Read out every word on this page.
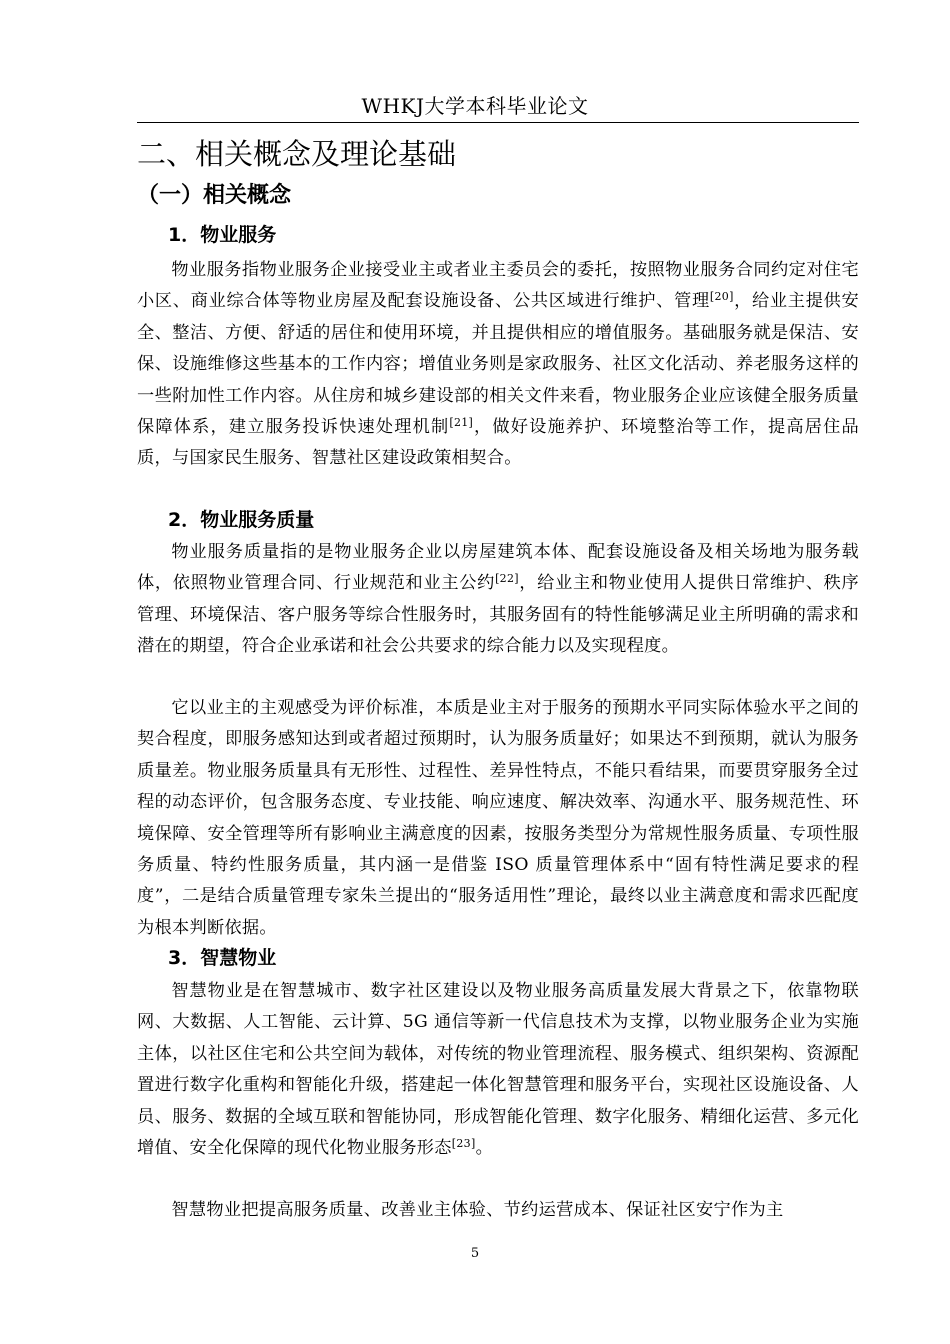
WHKJ大学本科毕业论文
二、相关概念及理论基础
（一）相关概念
1．物业服务

物业服务指物业服务企业接受业主或者业主委员会的委托，按照物业服务合同约定对住宅小区、商业综合体等物业房屋及配套设施设备、公共区域进行维护、管理[20]，给业主提供安全、整洁、方便、舒适的居住和使用环境，并且提供相应的增值服务。基础服务就是保洁、安保、设施维修这些基本的工作内容；增值业务则是家政服务、社区文化活动、养老服务这样的一些附加性工作内容。从住房和城乡建设部的相关文件来看，物业服务企业应该健全服务质量保障体系，建立服务投诉快速处理机制[21]，做好设施养护、环境整治等工作，提高居住品质，与国家民生服务、智慧社区建设政策相契合。

2．物业服务质量

物业服务质量指的是物业服务企业以房屋建筑本体、配套设施设备及相关场地为服务载体，依照物业管理合同、行业规范和业主公约[22]，给业主和物业使用人提供日常维护、秩序管理、环境保洁、客户服务等综合性服务时，其服务固有的特性能够满足业主所明确的需求和潜在的期望，符合企业承诺和社会公共要求的综合能力以及实现程度。

它以业主的主观感受为评价标准，本质是业主对于服务的预期水平同实际体验水平之间的契合程度，即服务感知达到或者超过预期时，认为服务质量好；如果达不到预期，就认为服务质量差。物业服务质量具有无形性、过程性、差异性特点，不能只看结果，而要贯穿服务全过程的动态评价，包含服务态度、专业技能、响应速度、解决效率、沟通水平、服务规范性、环境保障、安全管理等所有影响业主满意度的因素，按服务类型分为常规性服务质量、专项性服务质量、特约性服务质量，其内涵一是借鉴 ISO 质量管理体系中“固有特性满足要求的程度”，二是结合质量管理专家朱兰提出的“服务适用性”理论，最终以业主满意度和需求匹配度为根本判断依据。

3．智慧物业

智慧物业是在智慧城市、数字社区建设以及物业服务高质量发展大背景之下，依靠物联网、大数据、人工智能、云计算、5G 通信等新一代信息技术为支撑，以物业服务企业为实施主体，以社区住宅和公共空间为载体，对传统的物业管理流程、服务模式、组织架构、资源配置进行数字化重构和智能化升级，搭建起一体化智慧管理和服务平台，实现社区设施设备、人员、服务、数据的全域互联和智能协同，形成智能化管理、数字化服务、精细化运营、多元化增值、安全化保障的现代化物业服务形态[23]。

智慧物业把提高服务质量、改善业主体验、节约运营成本、保证社区安宁作为主

5
